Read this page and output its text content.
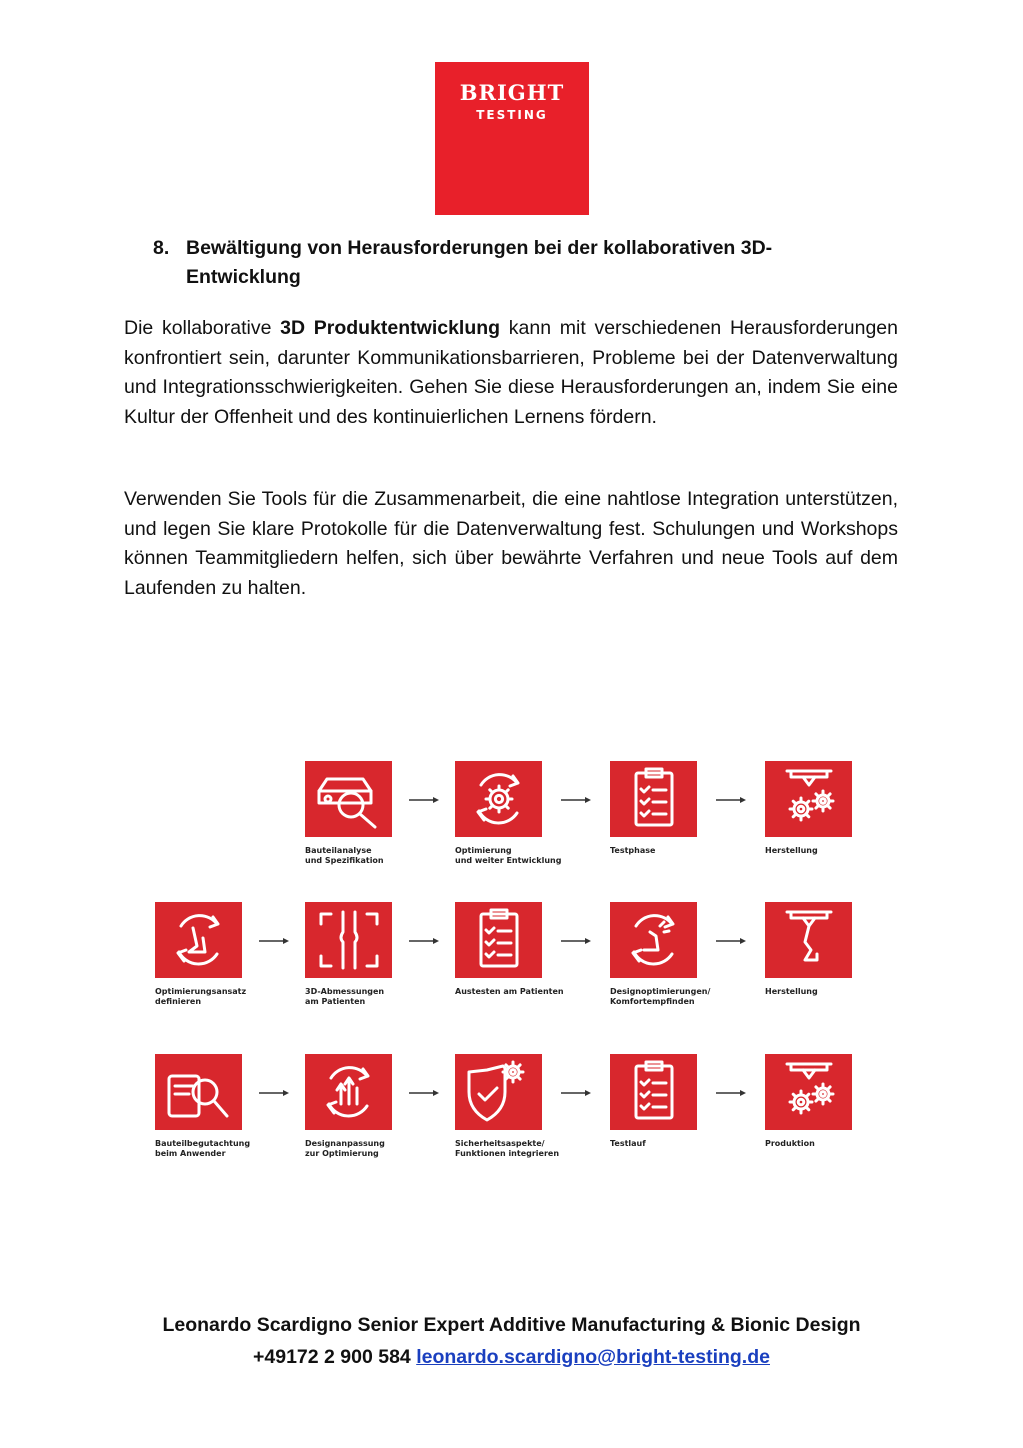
BRIGHT
TESTING
8. Bewältigung von Herausforderungen bei der kollaborativen 3D-Entwicklung
Die kollaborative 3D Produktentwicklung kann mit verschiedenen Herausforderungen konfrontiert sein, darunter Kommunikationsbarrieren, Probleme bei der Datenverwaltung und Integrationsschwierigkeiten. Gehen Sie diese Herausforderungen an, indem Sie eine Kultur der Offenheit und des kontinuierlichen Lernens fördern.
Verwenden Sie Tools für die Zusammenarbeit, die eine nahtlose Integration unterstützen, und legen Sie klare Protokolle für die Datenverwaltung fest. Schulungen und Workshops können Teammitgliedern helfen, sich über bewährte Verfahren und neue Tools auf dem Laufenden zu halten.
Bauteilanalyse
und Spezifikation
Optimierung
und weiter Entwicklung
Testphase	Herstellung
Optimierungsansatz
definieren
3D-Abmessungen
am Patienten
Austesten am Patienten	Designoptimierungen/
Komfortempfinden
Herstellung
Bauteilbegutachtung
beim Anwender
Designanpassung
zur Optimierung
Sicherheitsaspekte/
Funktionen integrieren
Testlauf	Produktion
Leonardo Scardigno Senior Expert Additive Manufacturing & Bionic Design
+49172 2 900 584 leonardo.scardigno@bright-testing.de
